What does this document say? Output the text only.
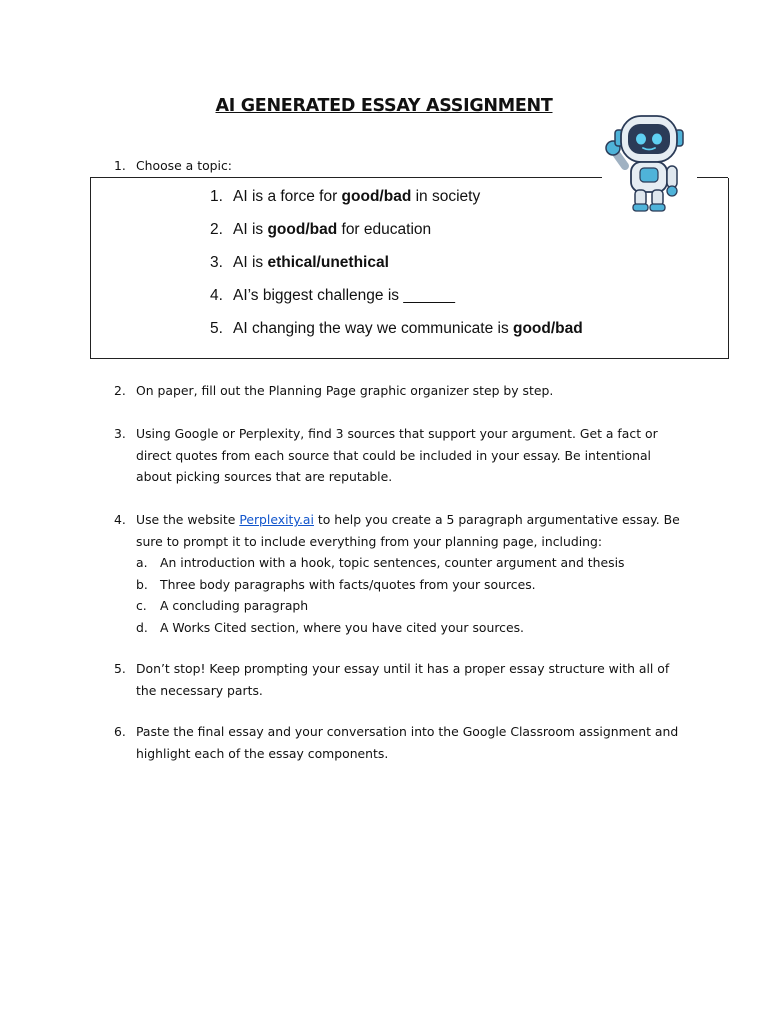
AI GENERATED ESSAY ASSIGNMENT
1. Choose a topic:
1. AI is a force for good/bad in society
2. AI is good/bad for education
3. AI is ethical/unethical
4. AI’s biggest challenge is ______
5. AI changing the way we communicate is good/bad
2. On paper, fill out the Planning Page graphic organizer step by step.
3. Using Google or Perplexity, find 3 sources that support your argument. Get a fact or direct quotes from each source that could be included in your essay. Be intentional about picking sources that are reputable.
4. Use the website Perplexity.ai to help you create a 5 paragraph argumentative essay. Be sure to prompt it to include everything from your planning page, including:
a. An introduction with a hook, topic sentences, counter argument and thesis
b. Three body paragraphs with facts/quotes from your sources.
c. A concluding paragraph
d. A Works Cited section, where you have cited your sources.
5. Don’t stop! Keep prompting your essay until it has a proper essay structure with all of the necessary parts.
6. Paste the final essay and your conversation into the Google Classroom assignment and highlight each of the essay components.
